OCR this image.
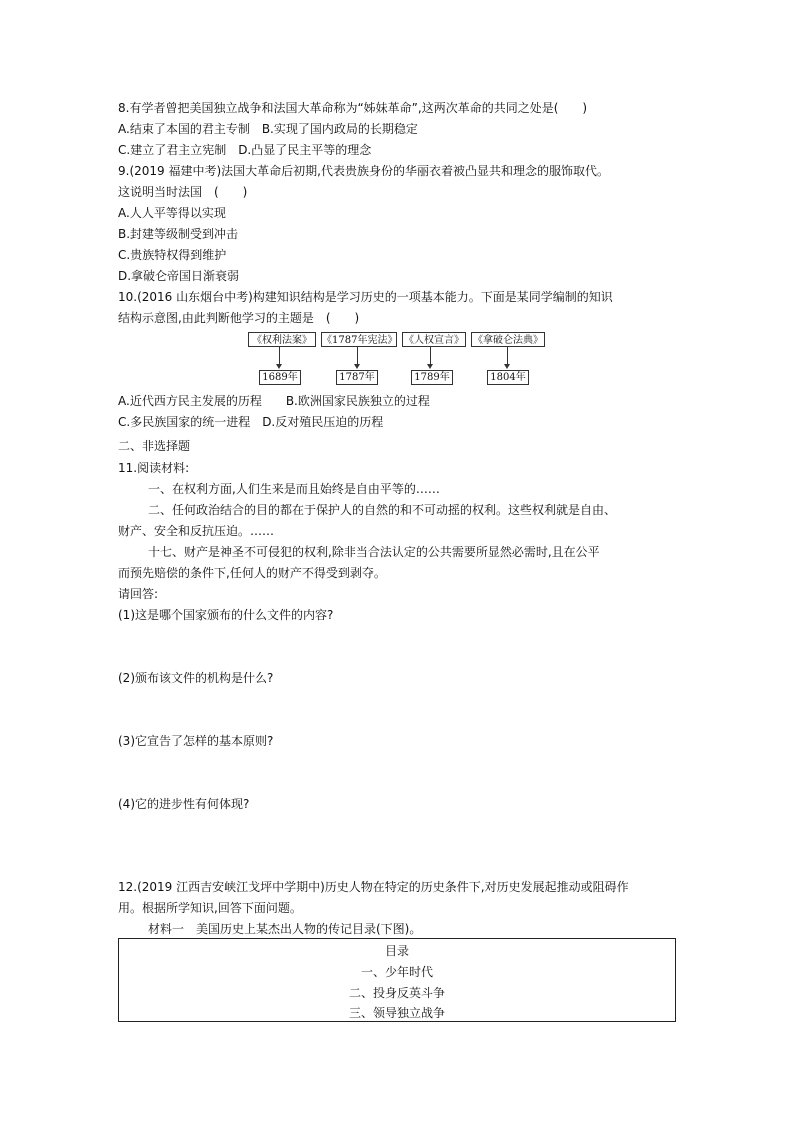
8.有学者曾把美国独立战争和法国大革命称为“姊妹革命”,这两次革命的共同之处是(　　)
A.结束了本国的君主专制　B.实现了国内政局的长期稳定
C.建立了君主立宪制　D.凸显了民主平等的理念
9.(2019 福建中考)法国大革命后初期,代表贵族身份的华丽衣着被凸显共和理念的服饰取代。
这说明当时法国　(　　)
A.人人平等得以实现
B.封建等级制受到冲击
C.贵族特权得到维护
D.拿破仑帝国日渐衰弱
10.(2016 山东烟台中考)构建知识结构是学习历史的一项基本能力。下面是某同学编制的知识
结构示意图,由此判断他学习的主题是　(　　)
《权利法案》	《1787年宪法》 《人权宣言》 《拿破仑法典》
1689年	1787年	1789年	1804年
A.近代西方民主发展的历程　　B.欧洲国家民族独立的过程
C.多民族国家的统一进程　D.反对殖民压迫的历程
二、非选择题
11.阅读材料:
一、在权利方面,人们生来是而且始终是自由平等的……
二、任何政治结合的目的都在于保护人的自然的和不可动摇的权利。这些权利就是自由、
财产、安全和反抗压迫。……
十七、财产是神圣不可侵犯的权利,除非当合法认定的公共需要所显然必需时,且在公平
而预先赔偿的条件下,任何人的财产不得受到剥夺。
请回答:
(1)这是哪个国家颁布的什么文件的内容?
(2)颁布该文件的机构是什么?
(3)它宣告了怎样的基本原则?
(4)它的进步性有何体现?
12.(2019 江西吉安峡江戈坪中学期中)历史人物在特定的历史条件下,对历史发展起推动或阻碍作
用。根据所学知识,回答下面问题。
材料一　美国历史上某杰出人物的传记目录(下图)。
目录
一、少年时代
二、投身反英斗争
三、领导独立战争
